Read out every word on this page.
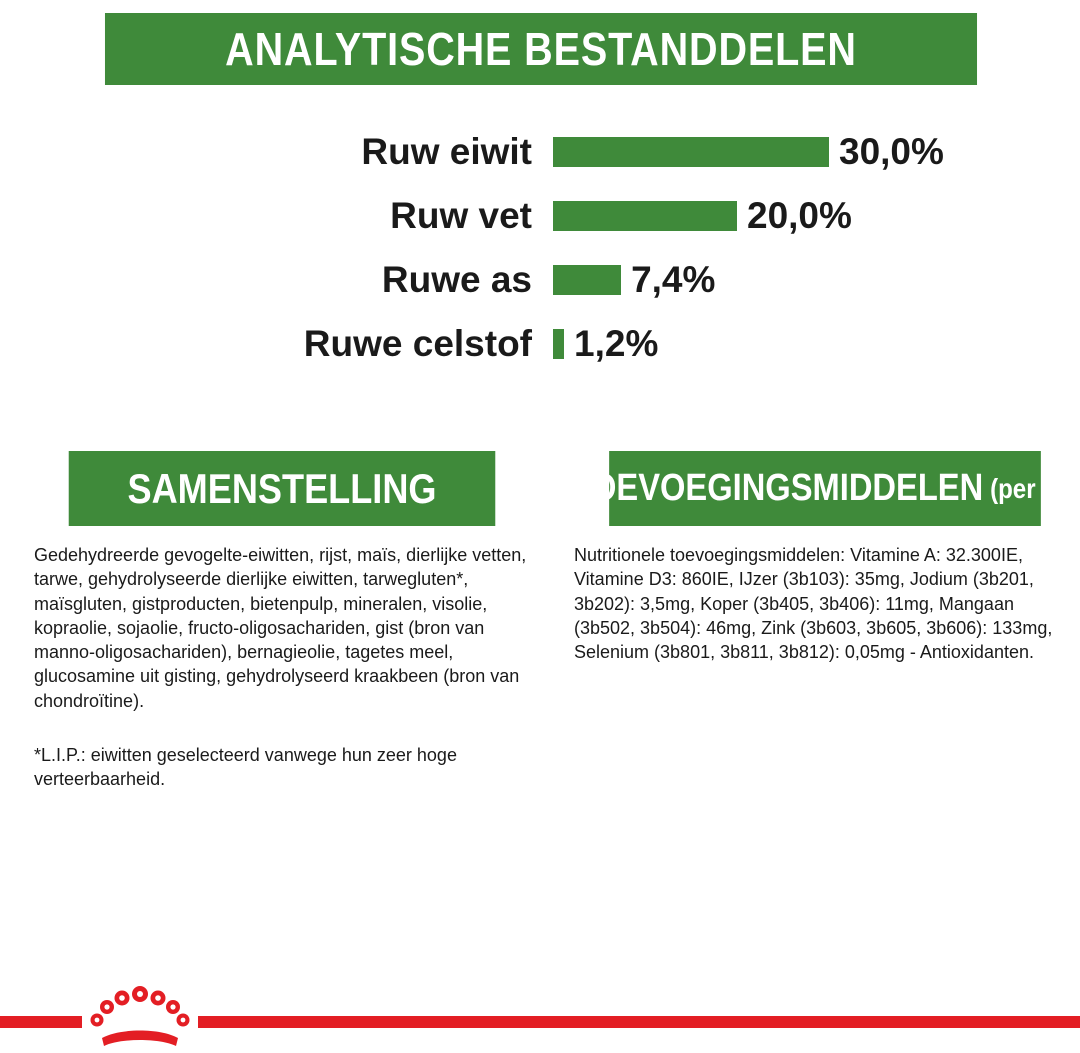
ANALYTISCHE BESTANDDELEN
Ruw eiwit	30,0%
Ruw vet	20,0%
Ruwe as	7,4%
Ruwe celstof 1,2%
SAMENSTELLING	TOEVOEGINGSMIDDELEN (per kg)
Gedehydreerde gevogelte-eiwitten, rijst, maïs, dierlijke vetten, tarwe, gehydrolyseerde dierlijke eiwitten, tarwegluten*, maïsgluten, gistproducten, bietenpulp, mineralen, visolie, kopraolie, sojaolie, fructo-oligosachariden, gist (bron van manno-oligosachariden), bernagieolie, tagetes meel, glucosamine uit gisting, gehydrolyseerd kraakbeen (bron van chondroïtine).
*L.I.P.: eiwitten geselecteerd vanwege hun zeer hoge verteerbaarheid.
Nutritionele toevoegingsmiddelen: Vitamine A: 32.300IE, Vitamine D3: 860IE, IJzer (3b103): 35mg, Jodium (3b201, 3b202): 3,5mg, Koper (3b405, 3b406): 11mg, Mangaan (3b502, 3b504): 46mg, Zink (3b603, 3b605, 3b606): 133mg, Selenium (3b801, 3b811, 3b812): 0,05mg - Antioxidanten.
